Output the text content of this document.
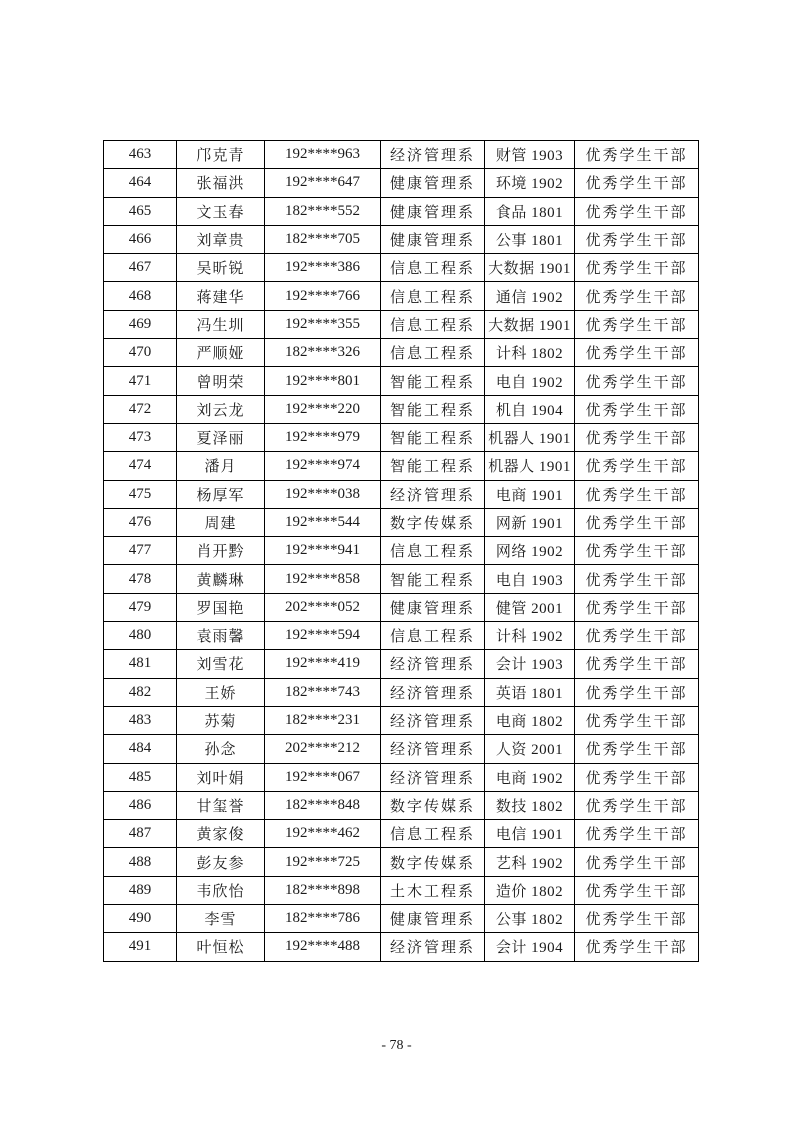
463	邝克青	192****963	经济管理系	财管 1903	优秀学生干部
464	张福洪	192****647	健康管理系	环境 1902	优秀学生干部
465	文玉春	182****552	健康管理系	食品 1801	优秀学生干部
466	刘章贵	182****705	健康管理系	公事 1801	优秀学生干部
467	吴昕锐	192****386	信息工程系	大数据 1901	优秀学生干部
468	蒋建华	192****766	信息工程系	通信 1902	优秀学生干部
469	冯生圳	192****355	信息工程系	大数据 1901	优秀学生干部
470	严顺娅	182****326	信息工程系	计科 1802	优秀学生干部
471	曾明荣	192****801	智能工程系	电自 1902	优秀学生干部
472	刘云龙	192****220	智能工程系	机自 1904	优秀学生干部
473	夏泽丽	192****979	智能工程系	机器人 1901	优秀学生干部
474	潘月	192****974	智能工程系	机器人 1901	优秀学生干部
475	杨厚军	192****038	经济管理系	电商 1901	优秀学生干部
476	周建	192****544	数字传媒系	网新 1901	优秀学生干部
477	肖开黔	192****941	信息工程系	网络 1902	优秀学生干部
478	黄麟琳	192****858	智能工程系	电自 1903	优秀学生干部
479	罗国艳	202****052	健康管理系	健管 2001	优秀学生干部
480	袁雨馨	192****594	信息工程系	计科 1902	优秀学生干部
481	刘雪花	192****419	经济管理系	会计 1903	优秀学生干部
482	王娇	182****743	经济管理系	英语 1801	优秀学生干部
483	苏菊	182****231	经济管理系	电商 1802	优秀学生干部
484	孙念	202****212	经济管理系	人资 2001	优秀学生干部
485	刘叶娟	192****067	经济管理系	电商 1902	优秀学生干部
486	甘玺誉	182****848	数字传媒系	数技 1802	优秀学生干部
487	黄家俊	192****462	信息工程系	电信 1901	优秀学生干部
488	彭友参	192****725	数字传媒系	艺科 1902	优秀学生干部
489	韦欣怡	182****898	土木工程系	造价 1802	优秀学生干部
490	李雪	182****786	健康管理系	公事 1802	优秀学生干部
491	叶恒松	192****488	经济管理系	会计 1904	优秀学生干部
- 78 -
